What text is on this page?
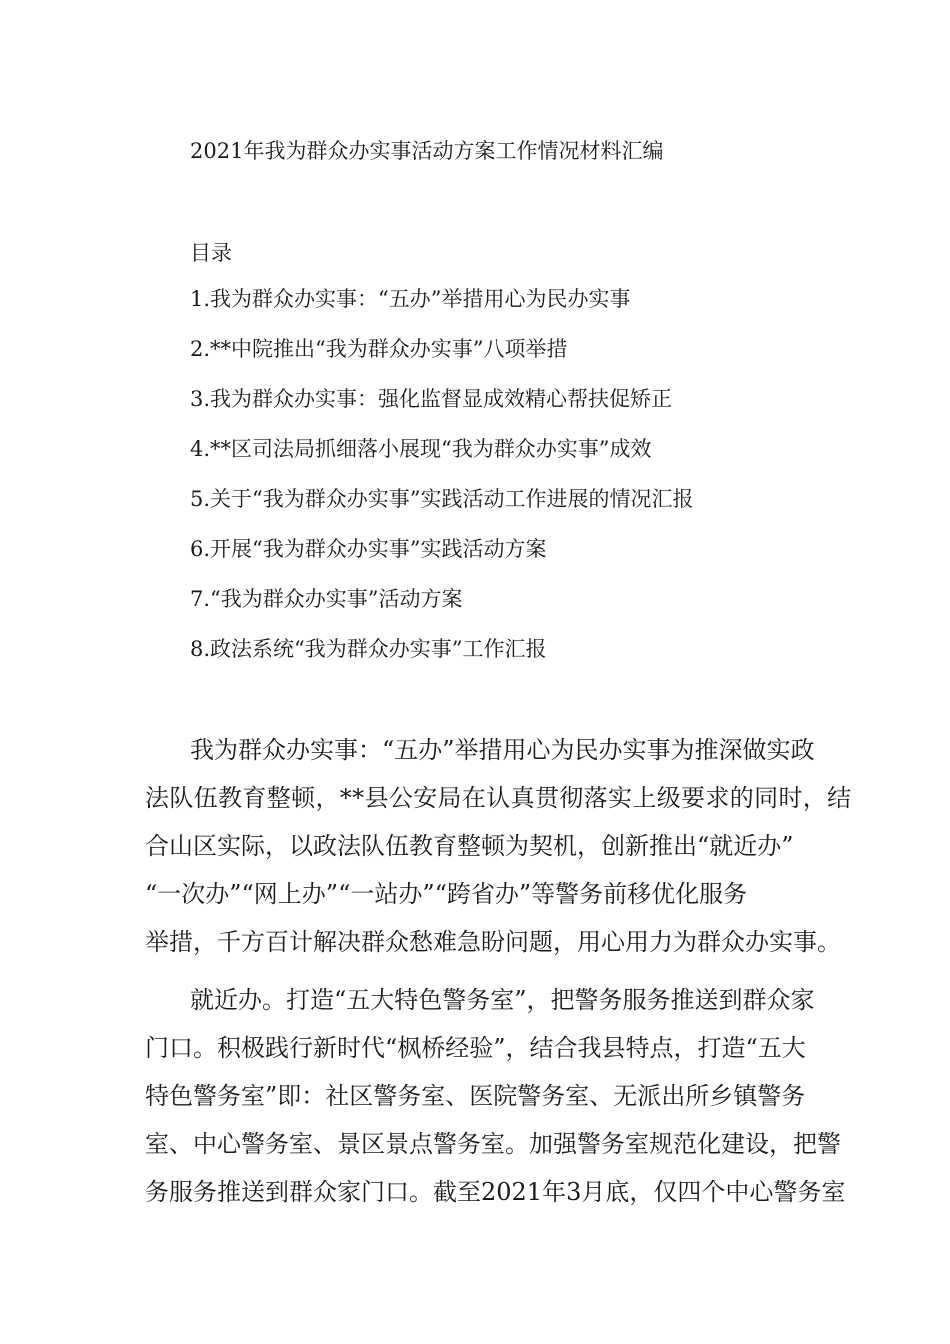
2021年我为群众办实事活动方案工作情况材料汇编
目录
1.我为群众办实事：“五办”举措用心为民办实事
2.**中院推出“我为群众办实事”八项举措
3.我为群众办实事：强化监督显成效精心帮扶促矫正
4.**区司法局抓细落小展现“我为群众办实事”成效
5.关于“我为群众办实事”实践活动工作进展的情况汇报
6.开展“我为群众办实事”实践活动方案
7.“我为群众办实事”活动方案
8.政法系统“我为群众办实事”工作汇报
我为群众办实事：“五办”举措用心为民办实事为推深做实政
法队伍教育整顿，**县公安局在认真贯彻落实上级要求的同时，结
合山区实际，以政法队伍教育整顿为契机，创新推出“就近办”
“一次办”“网上办”“一站办”“跨省办”等警务前移优化服务
举措，千方百计解决群众愁难急盼问题，用心用力为群众办实事。
就近办。打造“五大特色警务室”，把警务服务推送到群众家
门口。积极践行新时代“枫桥经验”，结合我县特点，打造“五大
特色警务室”即：社区警务室、医院警务室、无派出所乡镇警务
室、中心警务室、景区景点警务室。加强警务室规范化建设，把警
务服务推送到群众家门口。截至2021年3月底，仅四个中心警务室
